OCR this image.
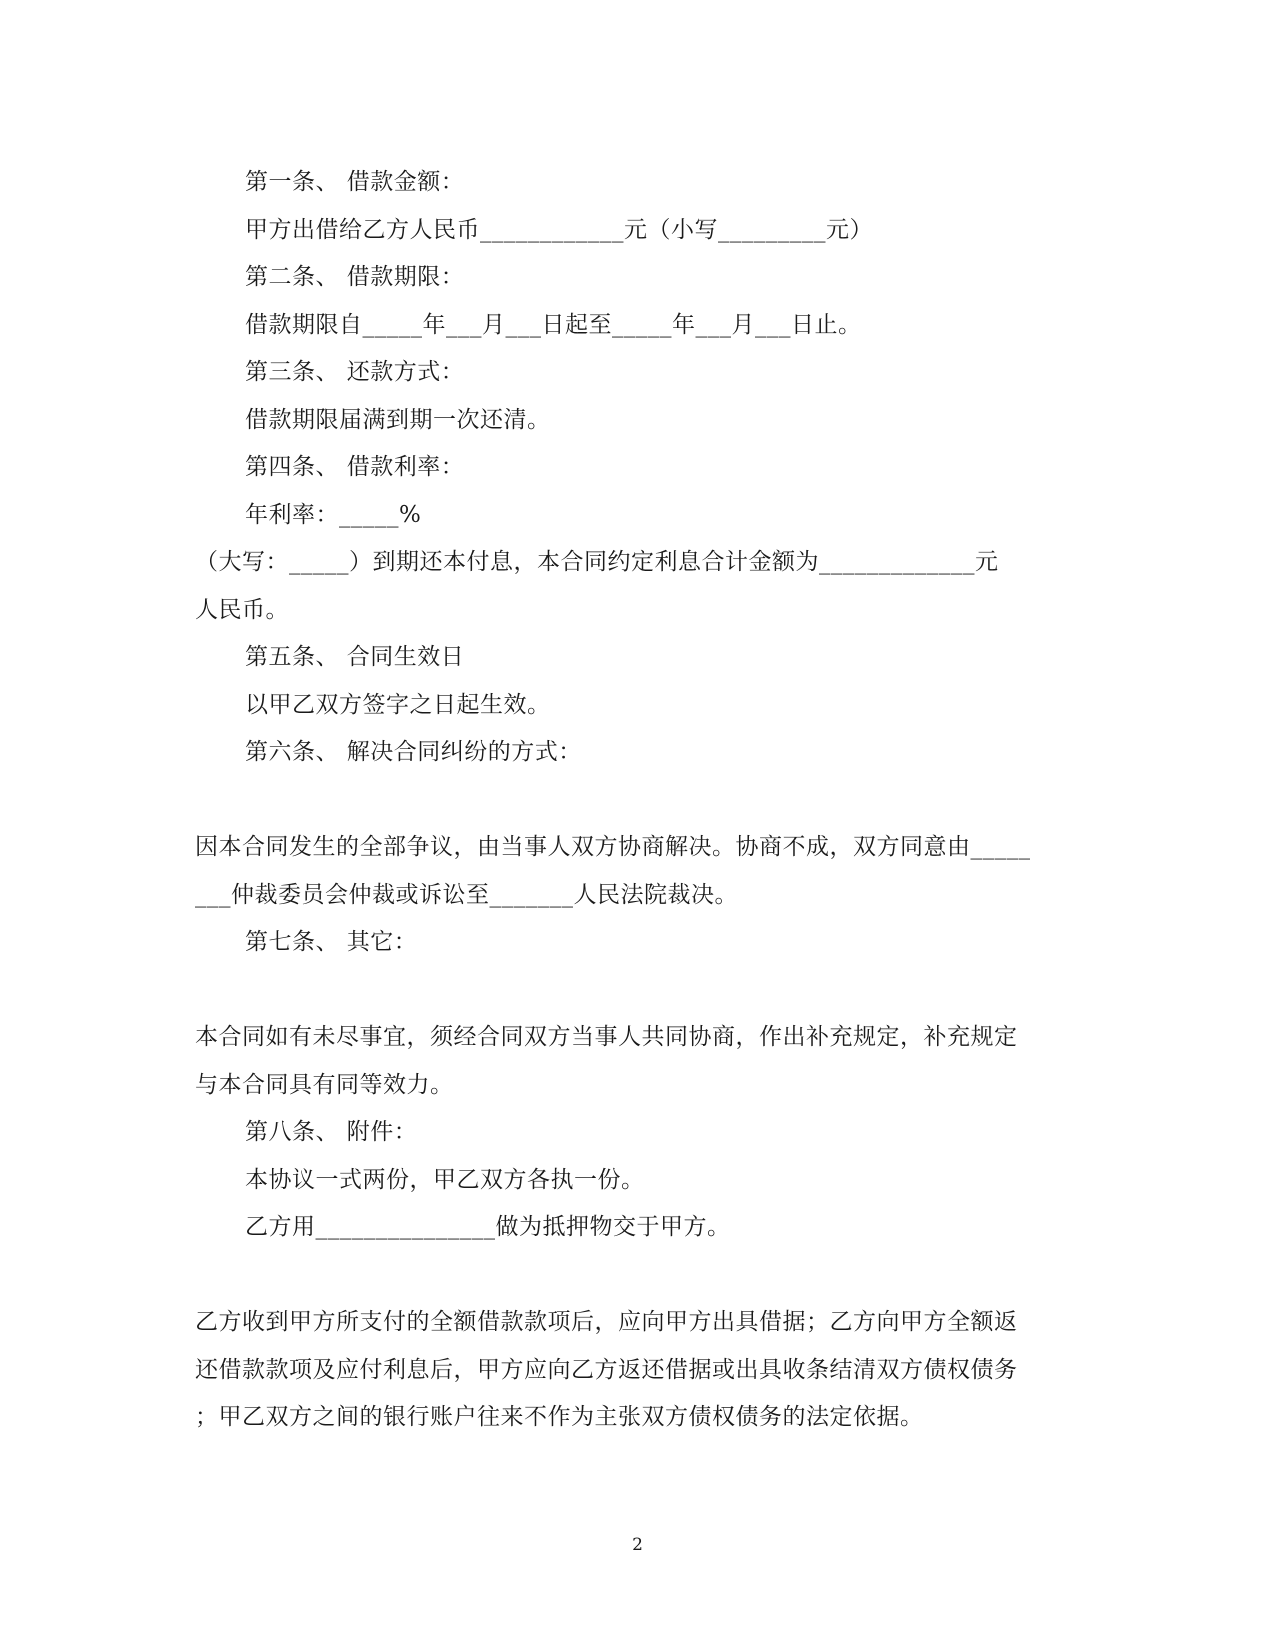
第一条、 借款金额：
甲方出借给乙方人民币____________元（小写_________元）
第二条、 借款期限：
借款期限自_____年___月___日起至_____年___月___日止。
第三条、 还款方式：
借款期限届满到期一次还清。
第四条、 借款利率：
年利率：_____%
（大写：_____）到期还本付息，本合同约定利息合计金额为_____________元
人民币。
第五条、 合同生效日
以甲乙双方签字之日起生效。
第六条、 解决合同纠纷的方式：
因本合同发生的全部争议，由当事人双方协商解决。协商不成，双方同意由_____
___仲裁委员会仲裁或诉讼至_______人民法院裁决。
第七条、 其它：
本合同如有未尽事宜，须经合同双方当事人共同协商，作出补充规定，补充规定
与本合同具有同等效力。
第八条、 附件：
本协议一式两份，甲乙双方各执一份。
乙方用_______________做为抵押物交于甲方。
乙方收到甲方所支付的全额借款款项后，应向甲方出具借据；乙方向甲方全额返
还借款款项及应付利息后，甲方应向乙方返还借据或出具收条结清双方债权债务
；甲乙双方之间的银行账户往来不作为主张双方债权债务的法定依据。
2
